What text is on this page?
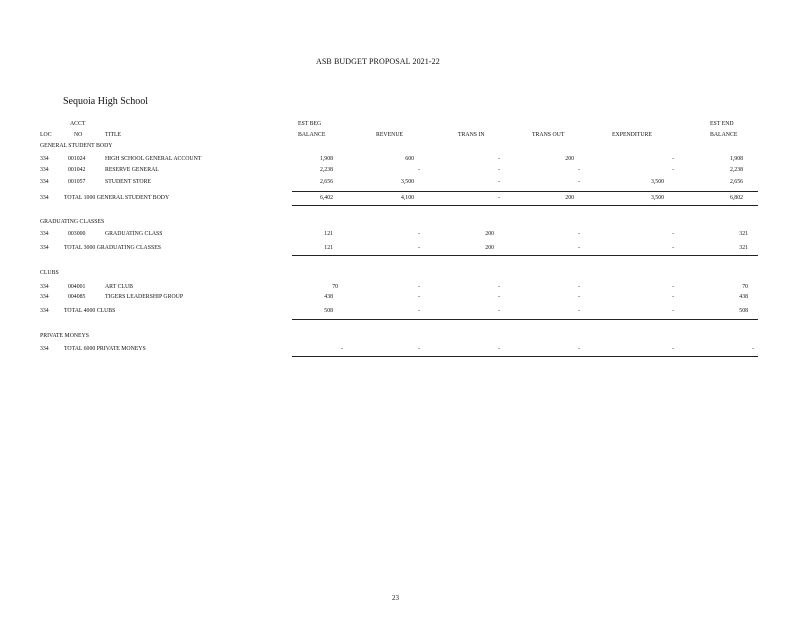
ASB BUDGET PROPOSAL 2021-22
Sequoia High School
ACCT	EST BEG	EST END
LOC	NO	TITLE	BALANCE	REVENUE	TRANS IN	TRANS OUT	EXPENDITURE	BALANCE
GENERAL STUDENT BODY
334	001024	HIGH SCHOOL GENERAL ACCOUNT	1,908	600	-	200	-	1,908
334	001042	RESERVE GENERAL	2,238	-	-	-	-	2,238
334	001057	STUDENT STORE	2,656	3,500	-	-	3,500	2,656
334	TOTAL 1000 GENERAL STUDENT BODY	6,402	4,100	-	200	3,500	6,802
GRADUATING CLASSES
334	003000	GRADUATING CLASS	121	-	200	-	-	321
334	TOTAL 3000 GRADUATING CLASSES	121	-	200	-	-	321
CLUBS
334	004001	ART CLUB	70	-	-	-	-	70
334	004085	TIGERS LEADERSHIP GROUP	438	-	-	-	-	438
334	TOTAL 4000 CLUBS	508	-	-	-	-	508
PRIVATE MONEYS
334	TOTAL 6000 PRIVATE MONEYS	-	-	-	-	-	-
23
